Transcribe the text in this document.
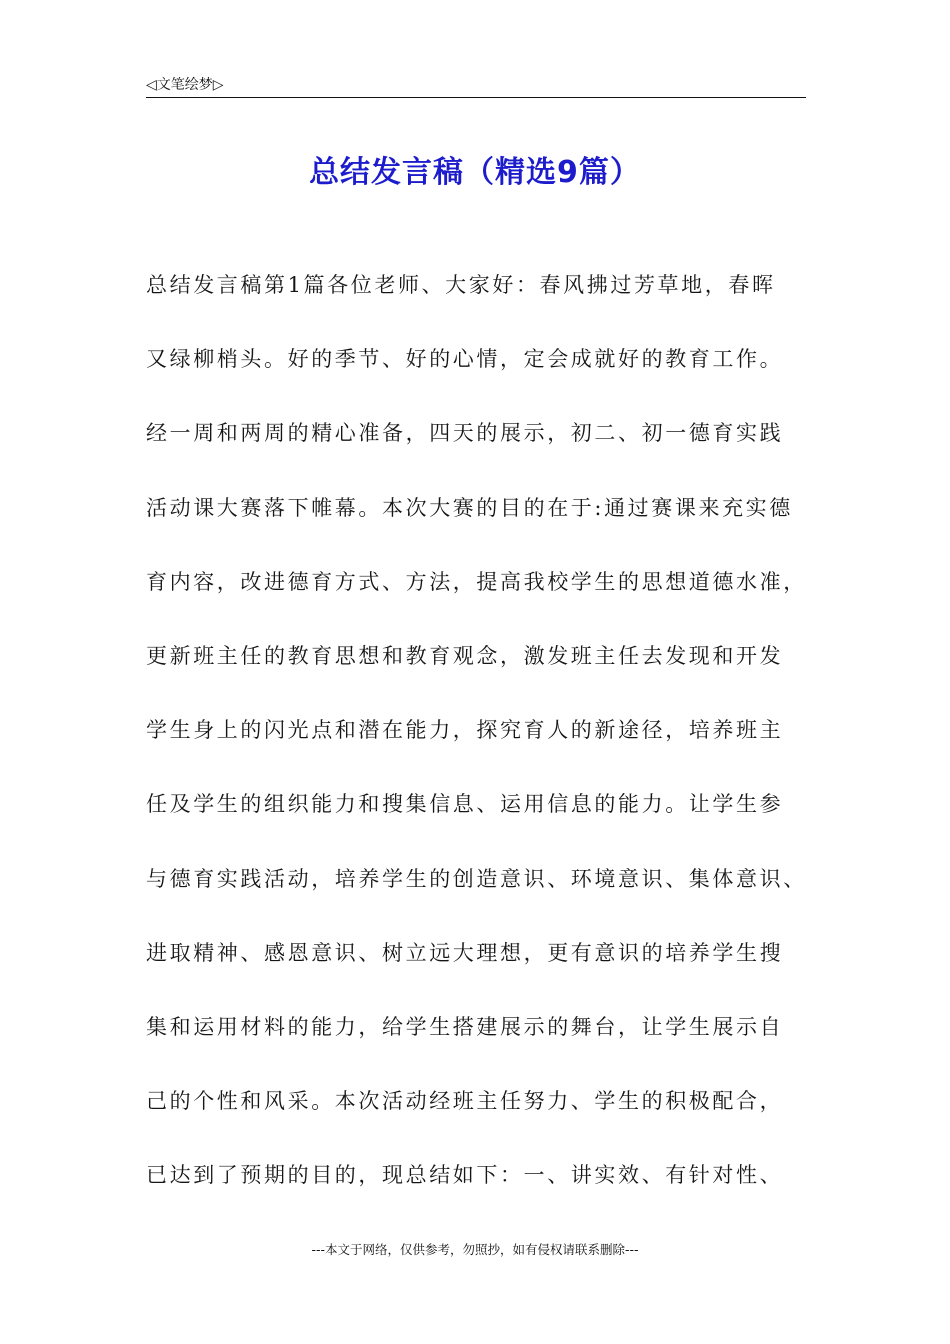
◁文笔绘梦▷
总结发言稿（精选9篇）
总结发言稿第1篇各位老师、大家好：春风拂过芳草地，春晖
又绿柳梢头。好的季节、好的心情，定会成就好的教育工作。
经一周和两周的精心准备，四天的展示，初二、初一德育实践
活动课大赛落下帷幕。本次大赛的目的在于:通过赛课来充实德
育内容，改进德育方式、方法，提高我校学生的思想道德水准，
更新班主任的教育思想和教育观念，激发班主任去发现和开发
学生身上的闪光点和潜在能力，探究育人的新途径，培养班主
任及学生的组织能力和搜集信息、运用信息的能力。让学生参
与德育实践活动，培养学生的创造意识、环境意识、集体意识、
进取精神、感恩意识、树立远大理想，更有意识的培养学生搜
集和运用材料的能力，给学生搭建展示的舞台，让学生展示自
己的个性和风采。本次活动经班主任努力、学生的积极配合，
已达到了预期的目的，现总结如下：一、讲实效、有针对性、
---本文于网络，仅供参考，勿照抄，如有侵权请联系删除---
